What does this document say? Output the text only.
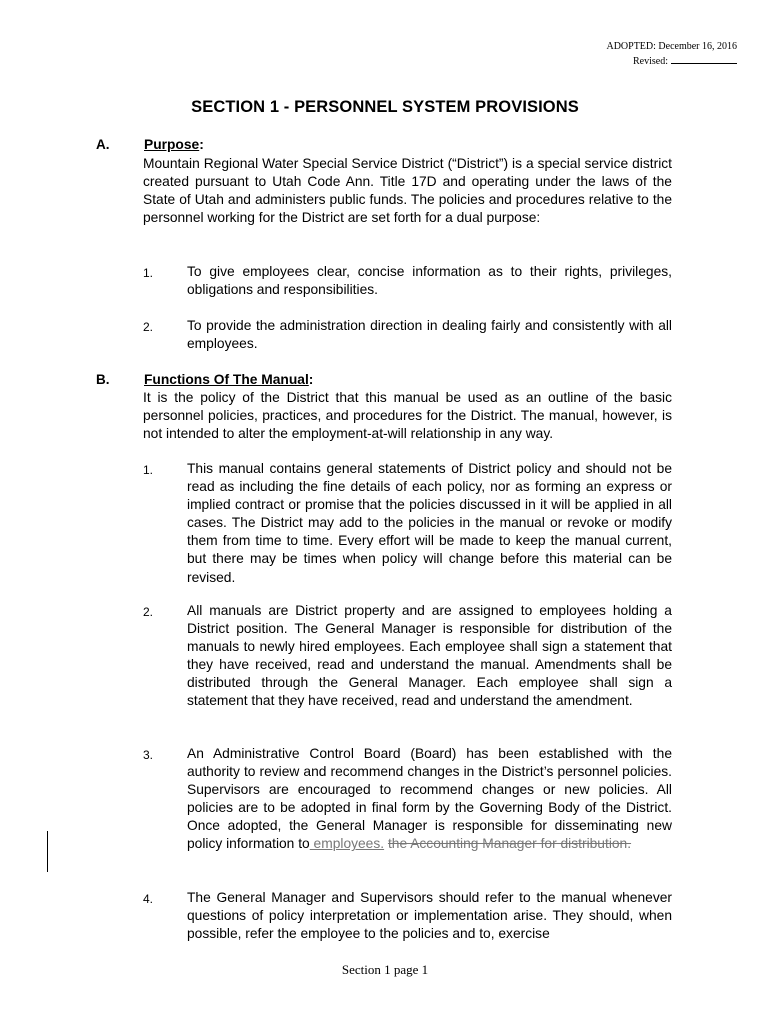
ADOPTED: December 16, 2016
Revised:
SECTION 1 - PERSONNEL SYSTEM PROVISIONS
A.	Purpose:
Mountain Regional Water Special Service District (“District”) is a special service district created pursuant to Utah Code Ann. Title 17D and operating under the laws of the State of Utah and administers public funds. The policies and procedures relative to the personnel working for the District are set forth for a dual purpose:
1. To give employees clear, concise information as to their rights, privileges, obligations and responsibilities.
2. To provide the administration direction in dealing fairly and consistently with all employees.
B.	Functions Of The Manual:
It is the policy of the District that this manual be used as an outline of the basic personnel policies, practices, and procedures for the District. The manual, however, is not intended to alter the employment-at-will relationship in any way.
1. This manual contains general statements of District policy and should not be read as including the fine details of each policy, nor as forming an express or implied contract or promise that the policies discussed in it will be applied in all cases. The District may add to the policies in the manual or revoke or modify them from time to time. Every effort will be made to keep the manual current, but there may be times when policy will change before this material can be revised.
2. All manuals are District property and are assigned to employees holding a District position. The General Manager is responsible for distribution of the manuals to newly hired employees. Each employee shall sign a statement that they have received, read and understand the manual. Amendments shall be distributed through the General Manager. Each employee shall sign a statement that they have received, read and understand the amendment.
3. An Administrative Control Board (Board) has been established with the authority to review and recommend changes in the District’s personnel policies. Supervisors are encouraged to recommend changes or new policies. All policies are to be adopted in final form by the Governing Body of the District. Once adopted, the General Manager is responsible for disseminating new policy information to employees. the Accounting Manager for distribution.
4. The General Manager and Supervisors should refer to the manual whenever questions of policy interpretation or implementation arise. They should, when possible, refer the employee to the policies and to, exercise
Section 1 page 1
